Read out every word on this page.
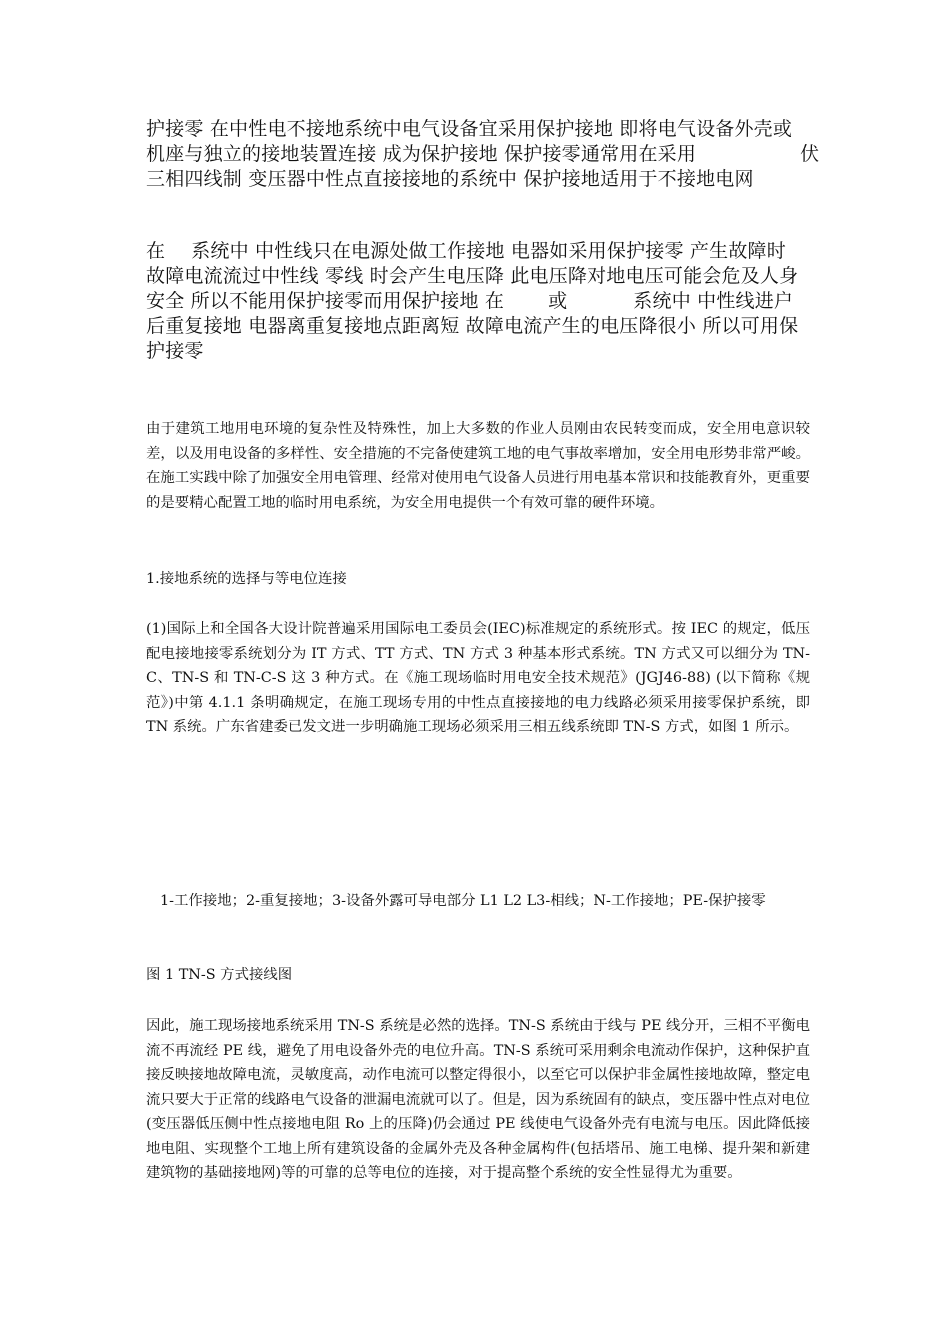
护接零 在中性电不接地系统中电气设备宜采用保护接地 即将电气设备外壳或
机座与独立的接地装置连接 成为保护接地 保护接零通常用在采用	伏
三相四线制 变压器中性点直接接地的系统中 保护接地适用于不接地电网
在 系统中 中性线只在电源处做工作接地 电器如采用保护接零 产生故障时
故障电流流过中性线 零线 时会产生电压降 此电压降对地电压可能会危及人身
安全 所以不能用保护接零而用保护接地 在 或	系统中 中性线进户
后重复接地 电器离重复接地点距离短 故障电流产生的电压降很小 所以可用保
护接零

由于建筑工地用电环境的复杂性及特殊性，加上大多数的作业人员刚由农民转变而成，安全用电意识较差，以及用电设备的多样性、安全措施的不完备使建筑工地的电气事故率增加，安全用电形势非常严峻。在施工实践中除了加强安全用电管理、经常对使用电气设备人员进行用电基本常识和技能教育外，更重要的是要精心配置工地的临时用电系统，为安全用电提供一个有效可靠的硬件环境。

1.接地系统的选择与等电位连接

(1)国际上和全国各大设计院普遍采用国际电工委员会(IEC)标准规定的系统形式。按 IEC 的规定，低压配电接地接零系统划分为 IT 方式、TT 方式、TN 方式 3 种基本形式系统。TN 方式又可以细分为 TN-C、TN-S 和 TN-C-S 这 3 种方式。在《施工现场临时用电安全技术规范》(JGJ46-88) (以下简称《规范》)中第 4.1.1 条明确规定，在施工现场专用的中性点直接接地的电力线路必须采用接零保护系统，即 TN 系统。广东省建委已发文进一步明确施工现场必须采用三相五线系统即 TN-S 方式，如图 1 所示。

1-工作接地；2-重复接地；3-设备外露可导电部分 L1 L2 L3-相线；N-工作接地；PE-保护接零

图 1 TN-S 方式接线图

因此，施工现场接地系统采用 TN-S 系统是必然的选择。TN-S 系统由于线与 PE 线分开，三相不平衡电流不再流经 PE 线，避免了用电设备外壳的电位升高。TN-S 系统可采用剩余电流动作保护，这种保护直接反映接地故障电流，灵敏度高，动作电流可以整定得很小，以至它可以保护非金属性接地故障，整定电流只要大于正常的线路电气设备的泄漏电流就可以了。但是，因为系统固有的缺点，变压器中性点对电位(变压器低压侧中性点接地电阻 Ro 上的压降)仍会通过 PE 线使电气设备外壳有电流与电压。因此降低接地电阻、实现整个工地上所有建筑设备的金属外壳及各种金属构件(包括塔吊、施工电梯、提升架和新建建筑物的基础接地网)等的可靠的总等电位的连接，对于提高整个系统的安全性显得尤为重要。
